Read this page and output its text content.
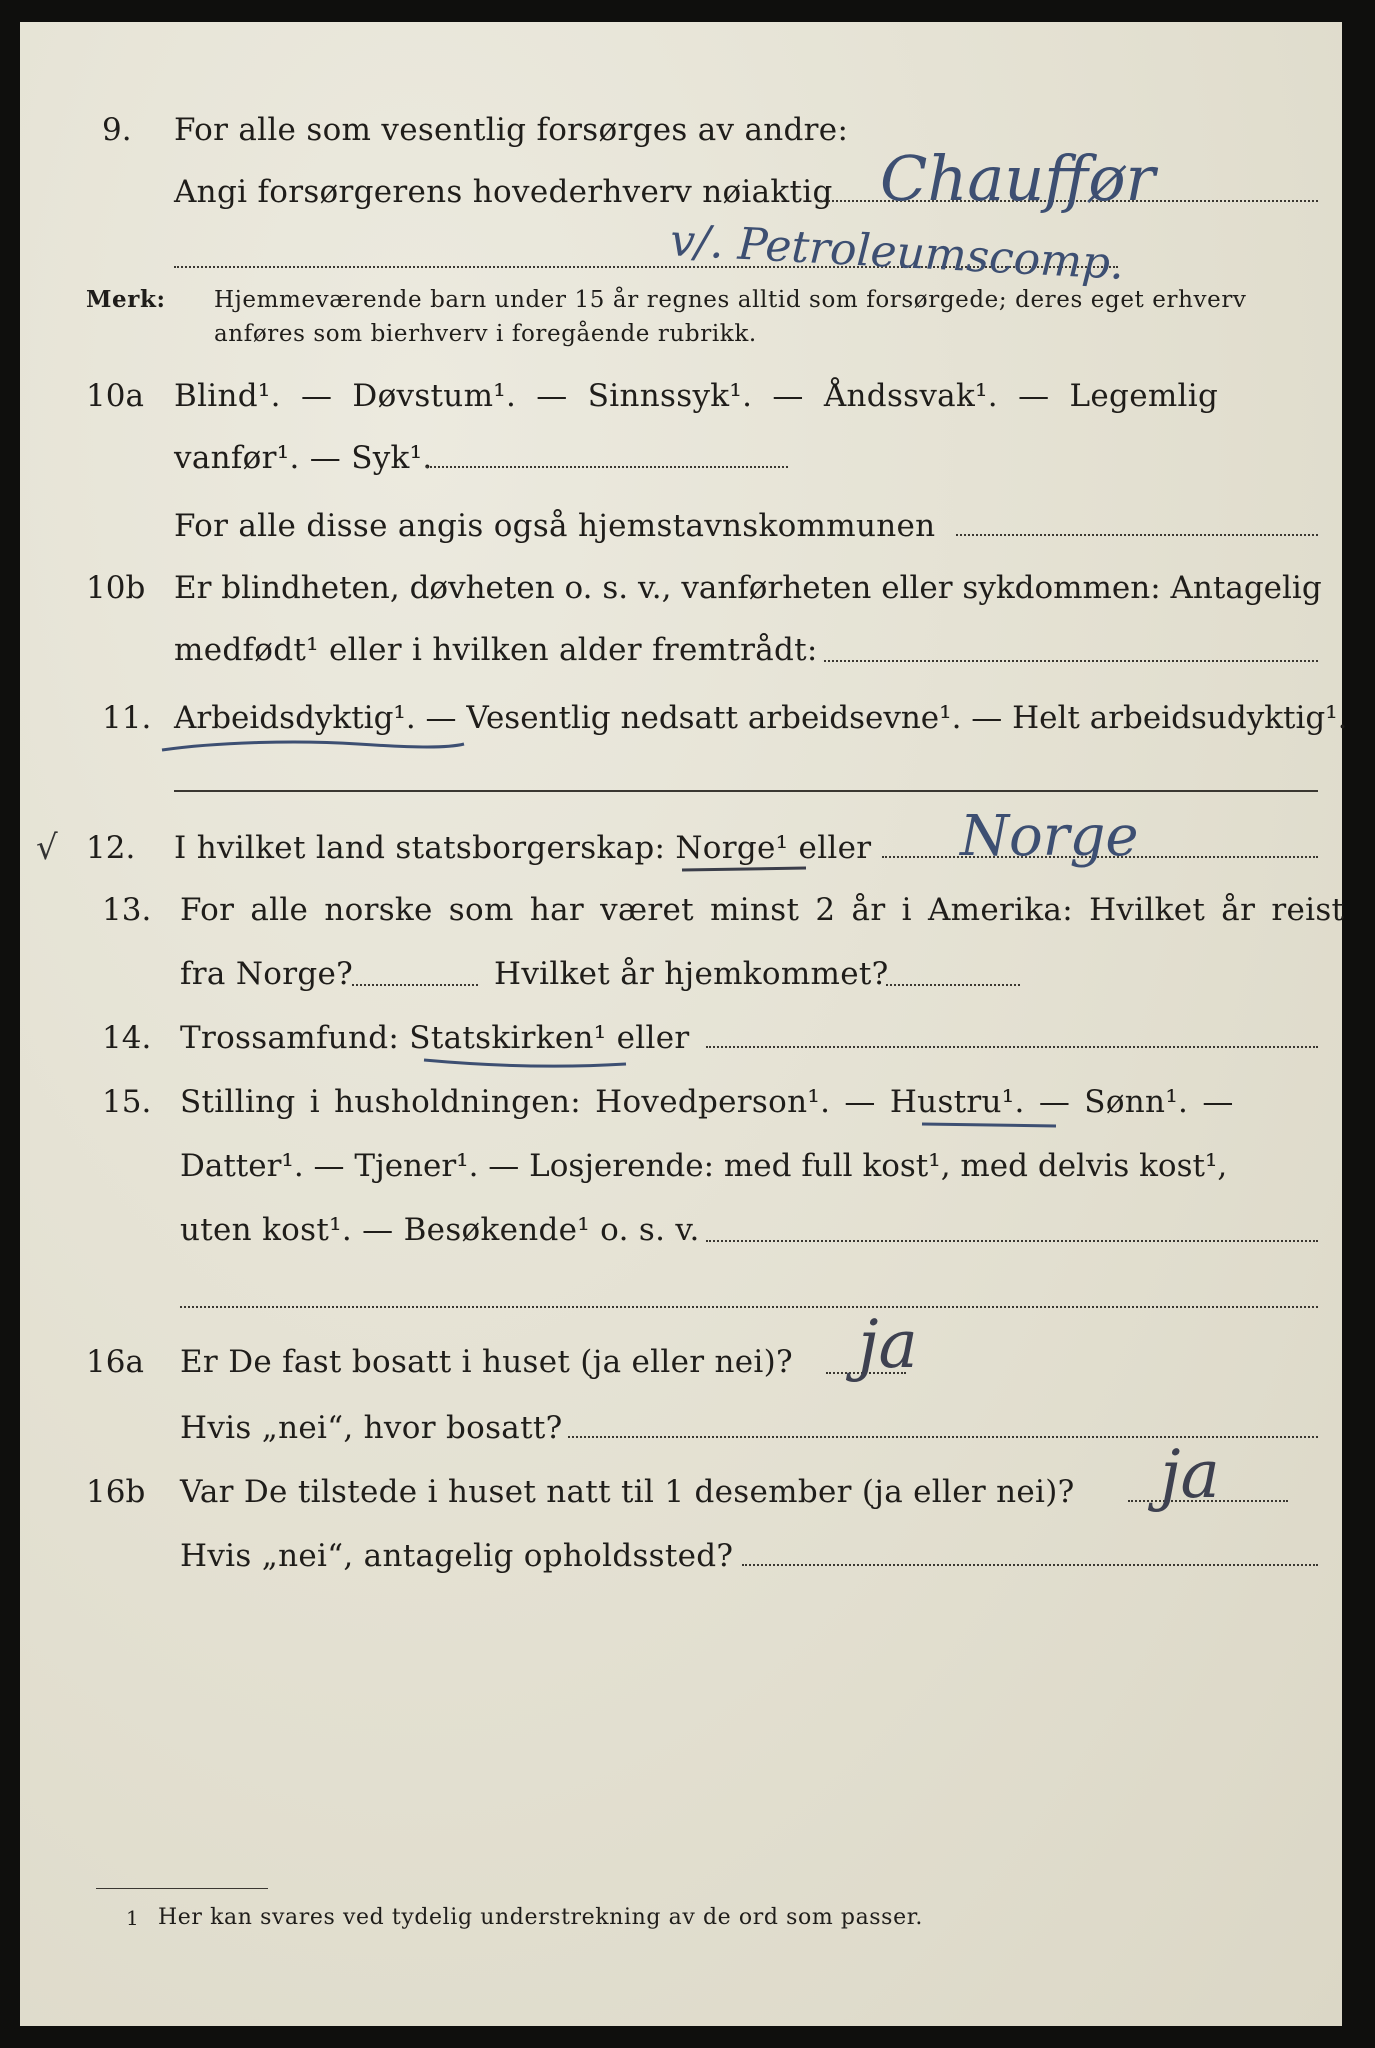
9. For alle som vesentlig forsørges av andre:
Angi forsørgerens hovederhverv nøiaktig Chauffør
v/. Petroleumscomp.
Merk: Hjemmeværende barn under 15 år regnes alltid som forsørgede; deres eget erhverv
anføres som bierhverv i foregående rubrikk.
10a Blind¹. — Døvstum¹. — Sinnssyk¹. — Åndssvak¹. — Legemlig
vanfør¹. — Syk¹.
For alle disse angis også hjemstavnskommunen
10b Er blindheten, døvheten o. s. v., vanførheten eller sykdommen: Antagelig
medfødt¹ eller i hvilken alder fremtrådt:
11. Arbeidsdyktig¹. — Vesentlig nedsatt arbeidsevne¹. — Helt arbeidsudyktig¹.
√ 12. I hvilket land statsborgerskap: Norge¹ eller Norge
13. For alle norske som har været minst 2 år i Amerika: Hvilket år reist
fra Norge?	Hvilket år hjemkommet?
14. Trossamfund: Statskirken¹ eller
15. Stilling i husholdningen: Hovedperson¹. — Hustru¹. — Sønn¹. —
Datter¹. — Tjener¹. — Losjerende: med full kost¹, med delvis kost¹,
uten kost¹. — Besøkende¹ o. s. v.
16a Er De fast bosatt i huset (ja eller nei)? ja
Hvis „nei“, hvor bosatt?
16b Var De tilstede i huset natt til 1 desember (ja eller nei)? ja
Hvis „nei“, antagelig opholdssted?
1 Her kan svares ved tydelig understrekning av de ord som passer.
